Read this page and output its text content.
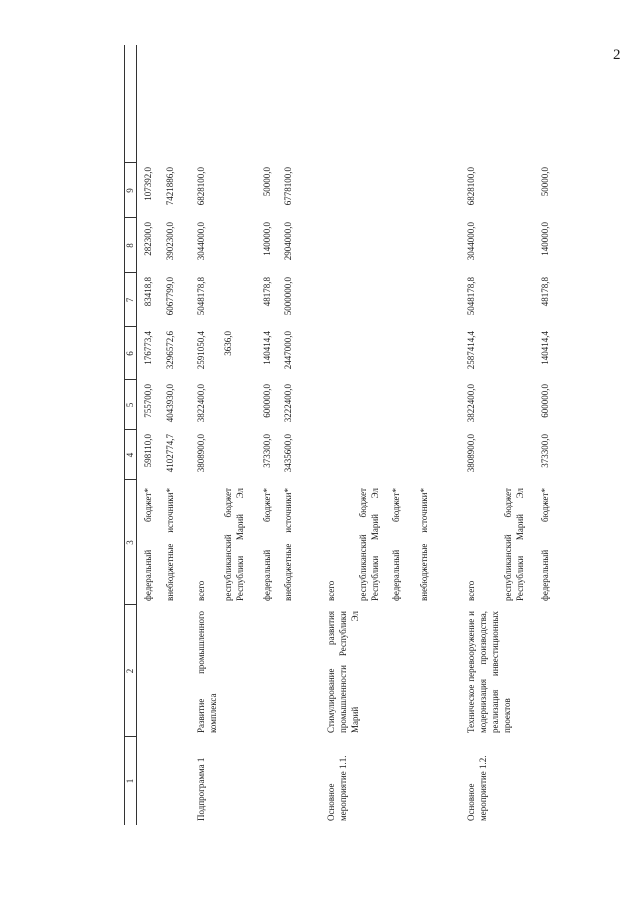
2
1
2
3
4
5
6
7
8
9
федеральный бюджет*
598110,0
755700,0
176773,4
83418,8
282300,0
107392,0
внебюджетные источники*
4102774,7
4043930,0
3296572,6
6067799,0
3902300,0
7421886,0
Подпрограмма 1
Развитие промышленного комплекса
всего
3808900,0
3822400,0
2591050,4
5048178,8
3044000,0
6828100,0
республиканский бюджет Республики Марий Эл
3636,0
федеральный бюджет*
373300,0
600000,0
140414,4
48178,8
140000,0
50000,0
внебюджетные источники*
3435600,0
3222400,0
2447000,0
5000000,0
2904000,0
6778100,0
Основное мероприятие 1.1.
Стимулирование развития промышленности Республики Марий Эл
всего республиканский бюджет Республики Марий Эл федеральный бюджет* внебюджетные источники*
Основное мероприятие 1.2.
Техническое перевооружение и модернизация производства, реализация инвестиционных проектов
всего
3808900,0
3822400,0
2587414,4
5048178,8
3044000,0
6828100,0
республиканский бюджет Республики Марий Эл федеральный бюджет*
373300,0
600000,0
140414,4
48178,8
140000,0
50000,0
